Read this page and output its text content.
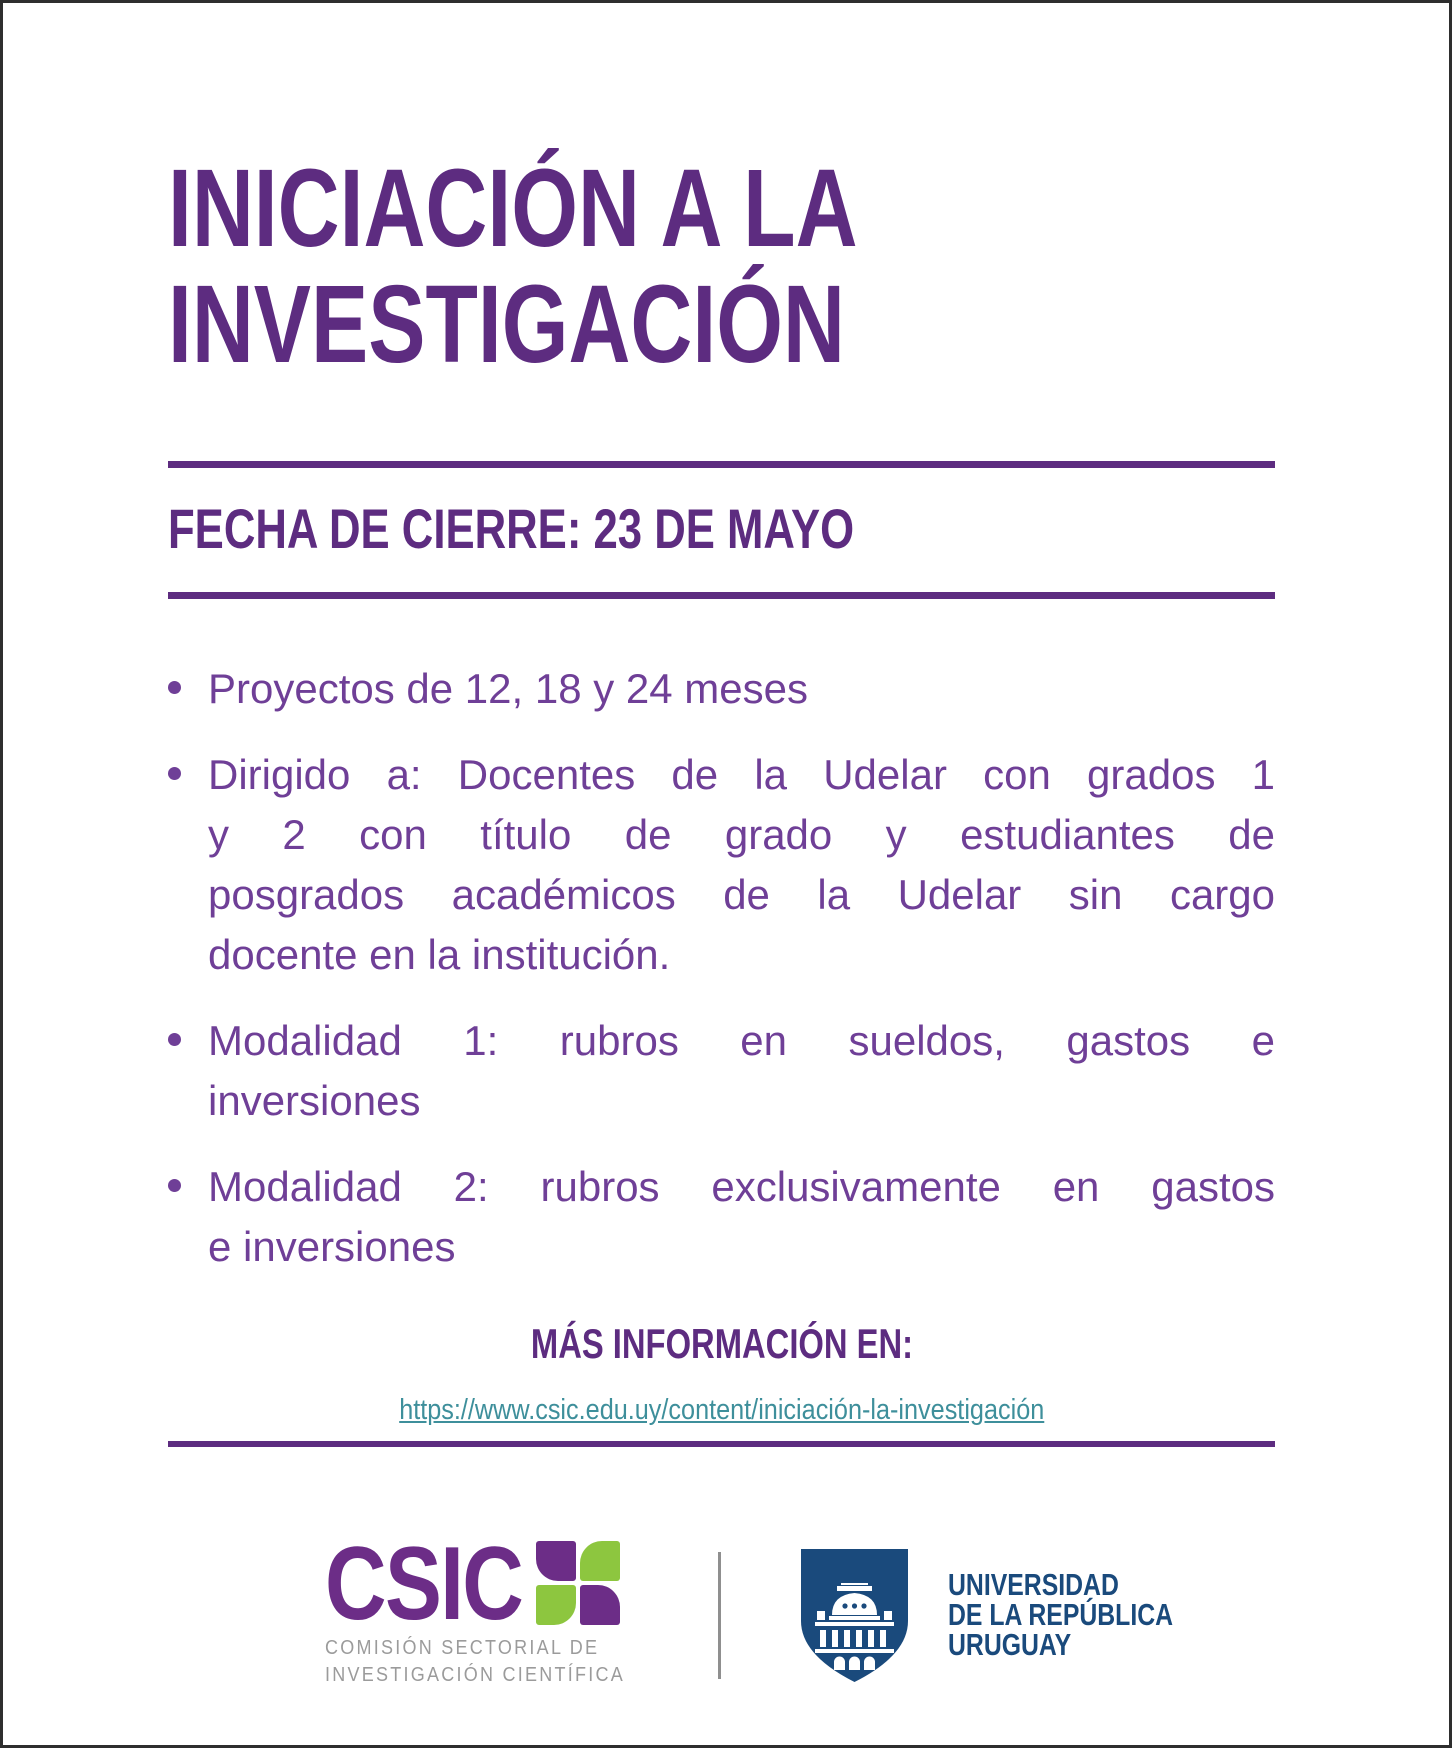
INICIACIÓN A LA
INVESTIGACIÓN
FECHA DE CIERRE: 23 DE MAYO
Proyectos de 12, 18 y 24 meses
Dirigido a: Docentes de la Udelar con grados 1
y 2 con título de grado y estudiantes de
posgrados académicos de la Udelar sin cargo
docente en la institución.
Modalidad 1: rubros en sueldos, gastos e
inversiones
Modalidad 2: rubros exclusivamente en gastos
e inversiones
MÁS INFORMACIÓN EN:
https://www.csic.edu.uy/content/iniciación-la-investigación
CSIC
COMISIÓN SECTORIAL DE
INVESTIGACIÓN CIENTÍFICA
UNIVERSIDAD
DE LA REPÚBLICA
URUGUAY
